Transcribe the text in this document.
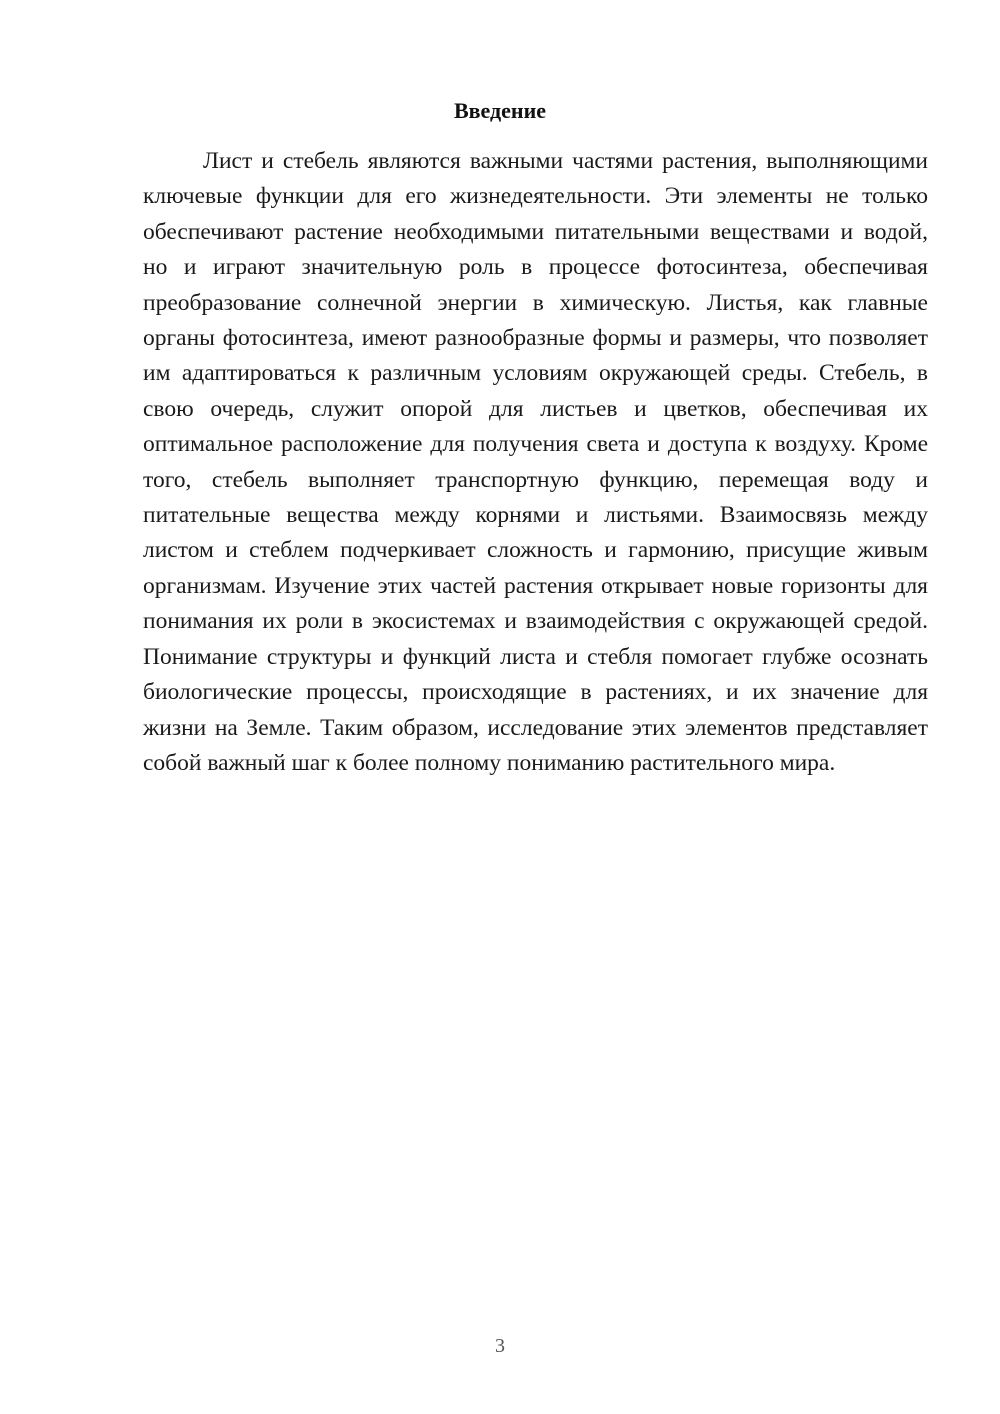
Введение

Лист и стебель являются важными частями растения, выполняющими ключевые функции для его жизнедеятельности. Эти элементы не только обеспечивают растение необходимыми питательными веществами и водой, но и играют значительную роль в процессе фотосинтеза, обеспечивая преобразование солнечной энергии в химическую. Листья, как главные органы фотосинтеза, имеют разнообразные формы и размеры, что позволяет им адаптироваться к различным условиям окружающей среды. Стебель, в свою очередь, служит опорой для листьев и цветков, обеспечивая их оптимальное расположение для получения света и доступа к воздуху. Кроме того, стебель выполняет транспортную функцию, перемещая воду и питательные вещества между корнями и листьями. Взаимосвязь между листом и стеблем подчеркивает сложность и гармонию, присущие живым организмам. Изучение этих частей растения открывает новые горизонты для понимания их роли в экосистемах и взаимодействия с окружающей средой. Понимание структуры и функций листа и стебля помогает глубже осознать биологические процессы, происходящие в растениях, и их значение для жизни на Земле. Таким образом, исследование этих элементов представляет собой важный шаг к более полному пониманию растительного мира.

3
